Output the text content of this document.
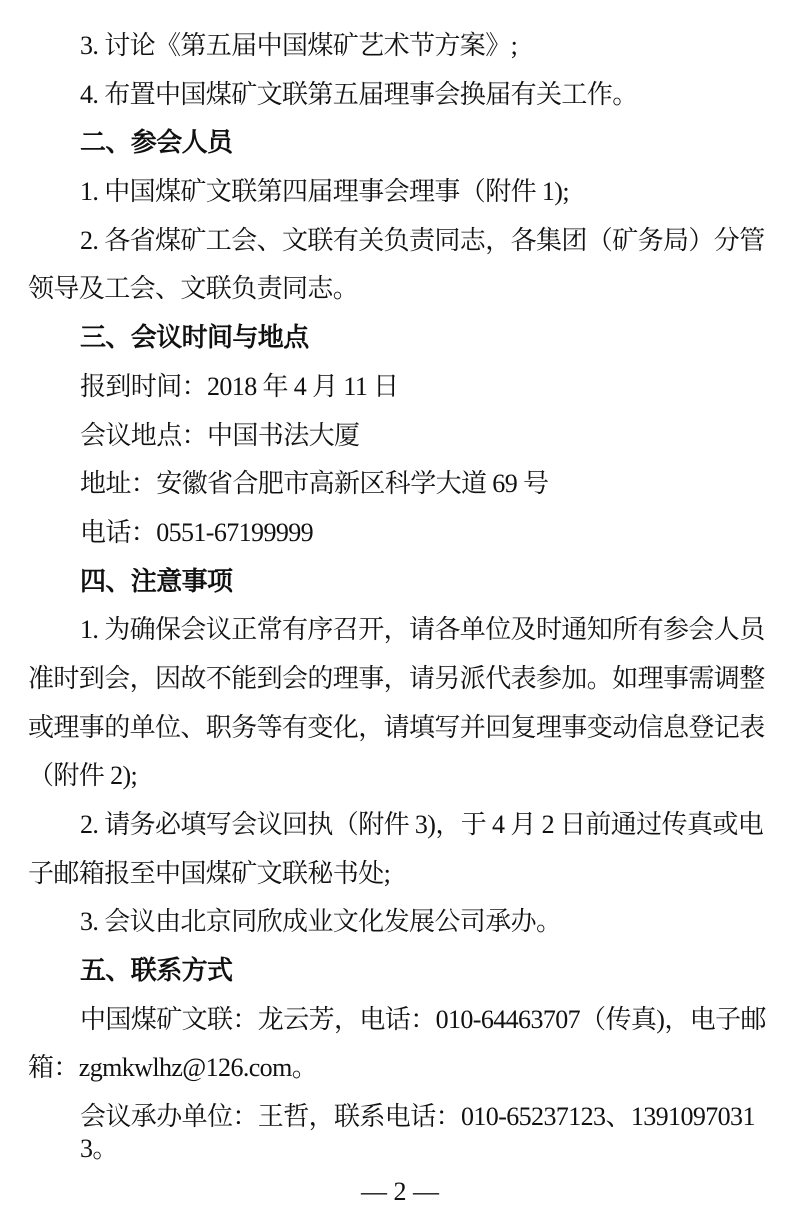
3. 讨论《第五届中国煤矿艺术节方案》;
4. 布置中国煤矿文联第五届理事会换届有关工作。
二、参会人员
1. 中国煤矿文联第四届理事会理事（附件 1);
2. 各省煤矿工会、文联有关负责同志，各集团（矿务局）分管
领导及工会、文联负责同志。
三、会议时间与地点
报到时间：2018 年 4 月 11 日
会议地点：中国书法大厦
地址：安徽省合肥市高新区科学大道 69 号
电话：0551-67199999
四、注意事项
1. 为确保会议正常有序召开，请各单位及时通知所有参会人员
准时到会，因故不能到会的理事，请另派代表参加。如理事需调整
或理事的单位、职务等有变化，请填写并回复理事变动信息登记表
（附件 2);
2. 请务必填写会议回执（附件 3)，于 4 月 2 日前通过传真或电
子邮箱报至中国煤矿文联秘书处;
3. 会议由北京同欣成业文化发展公司承办。
五、联系方式
中国煤矿文联：龙云芳，电话：010-64463707（传真)，电子邮
箱：zgmkwlhz@126.com。
会议承办单位：王哲，联系电话：010-65237123、13910970313。
— 2 —
